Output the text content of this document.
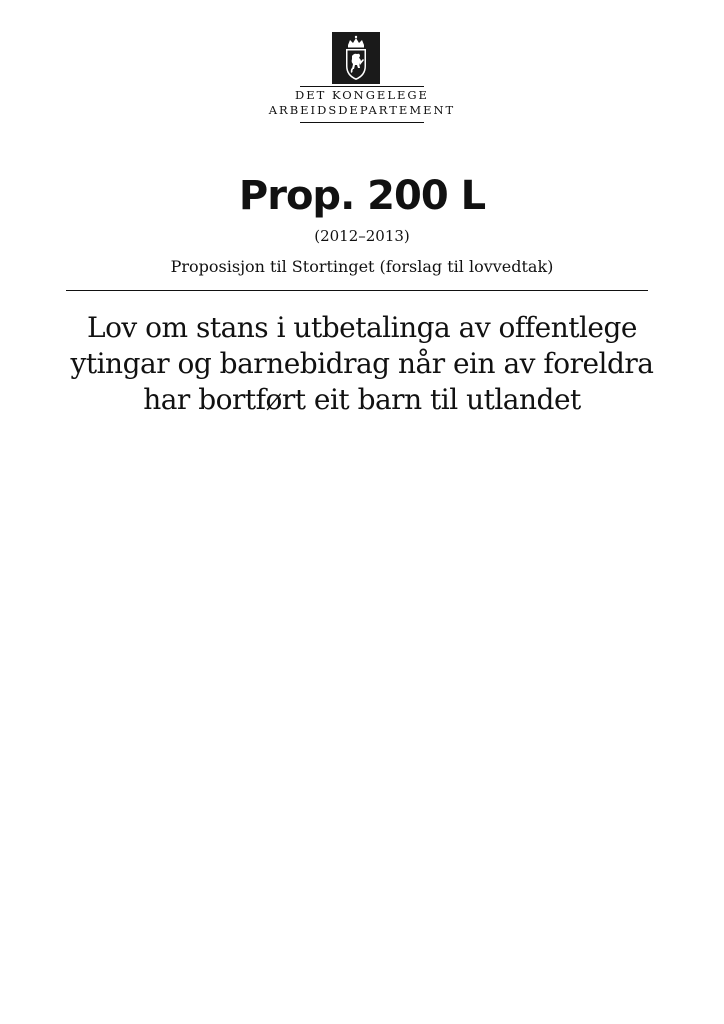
DET KONGELEGE
ARBEIDSDEPARTEMENT
Prop. 200 L
(2012–2013)
Proposisjon til Stortinget (forslag til lovvedtak)
Lov om stans i utbetalinga av offentlege
ytingar og barnebidrag når ein av foreldra
har bortført eit barn til utlandet
